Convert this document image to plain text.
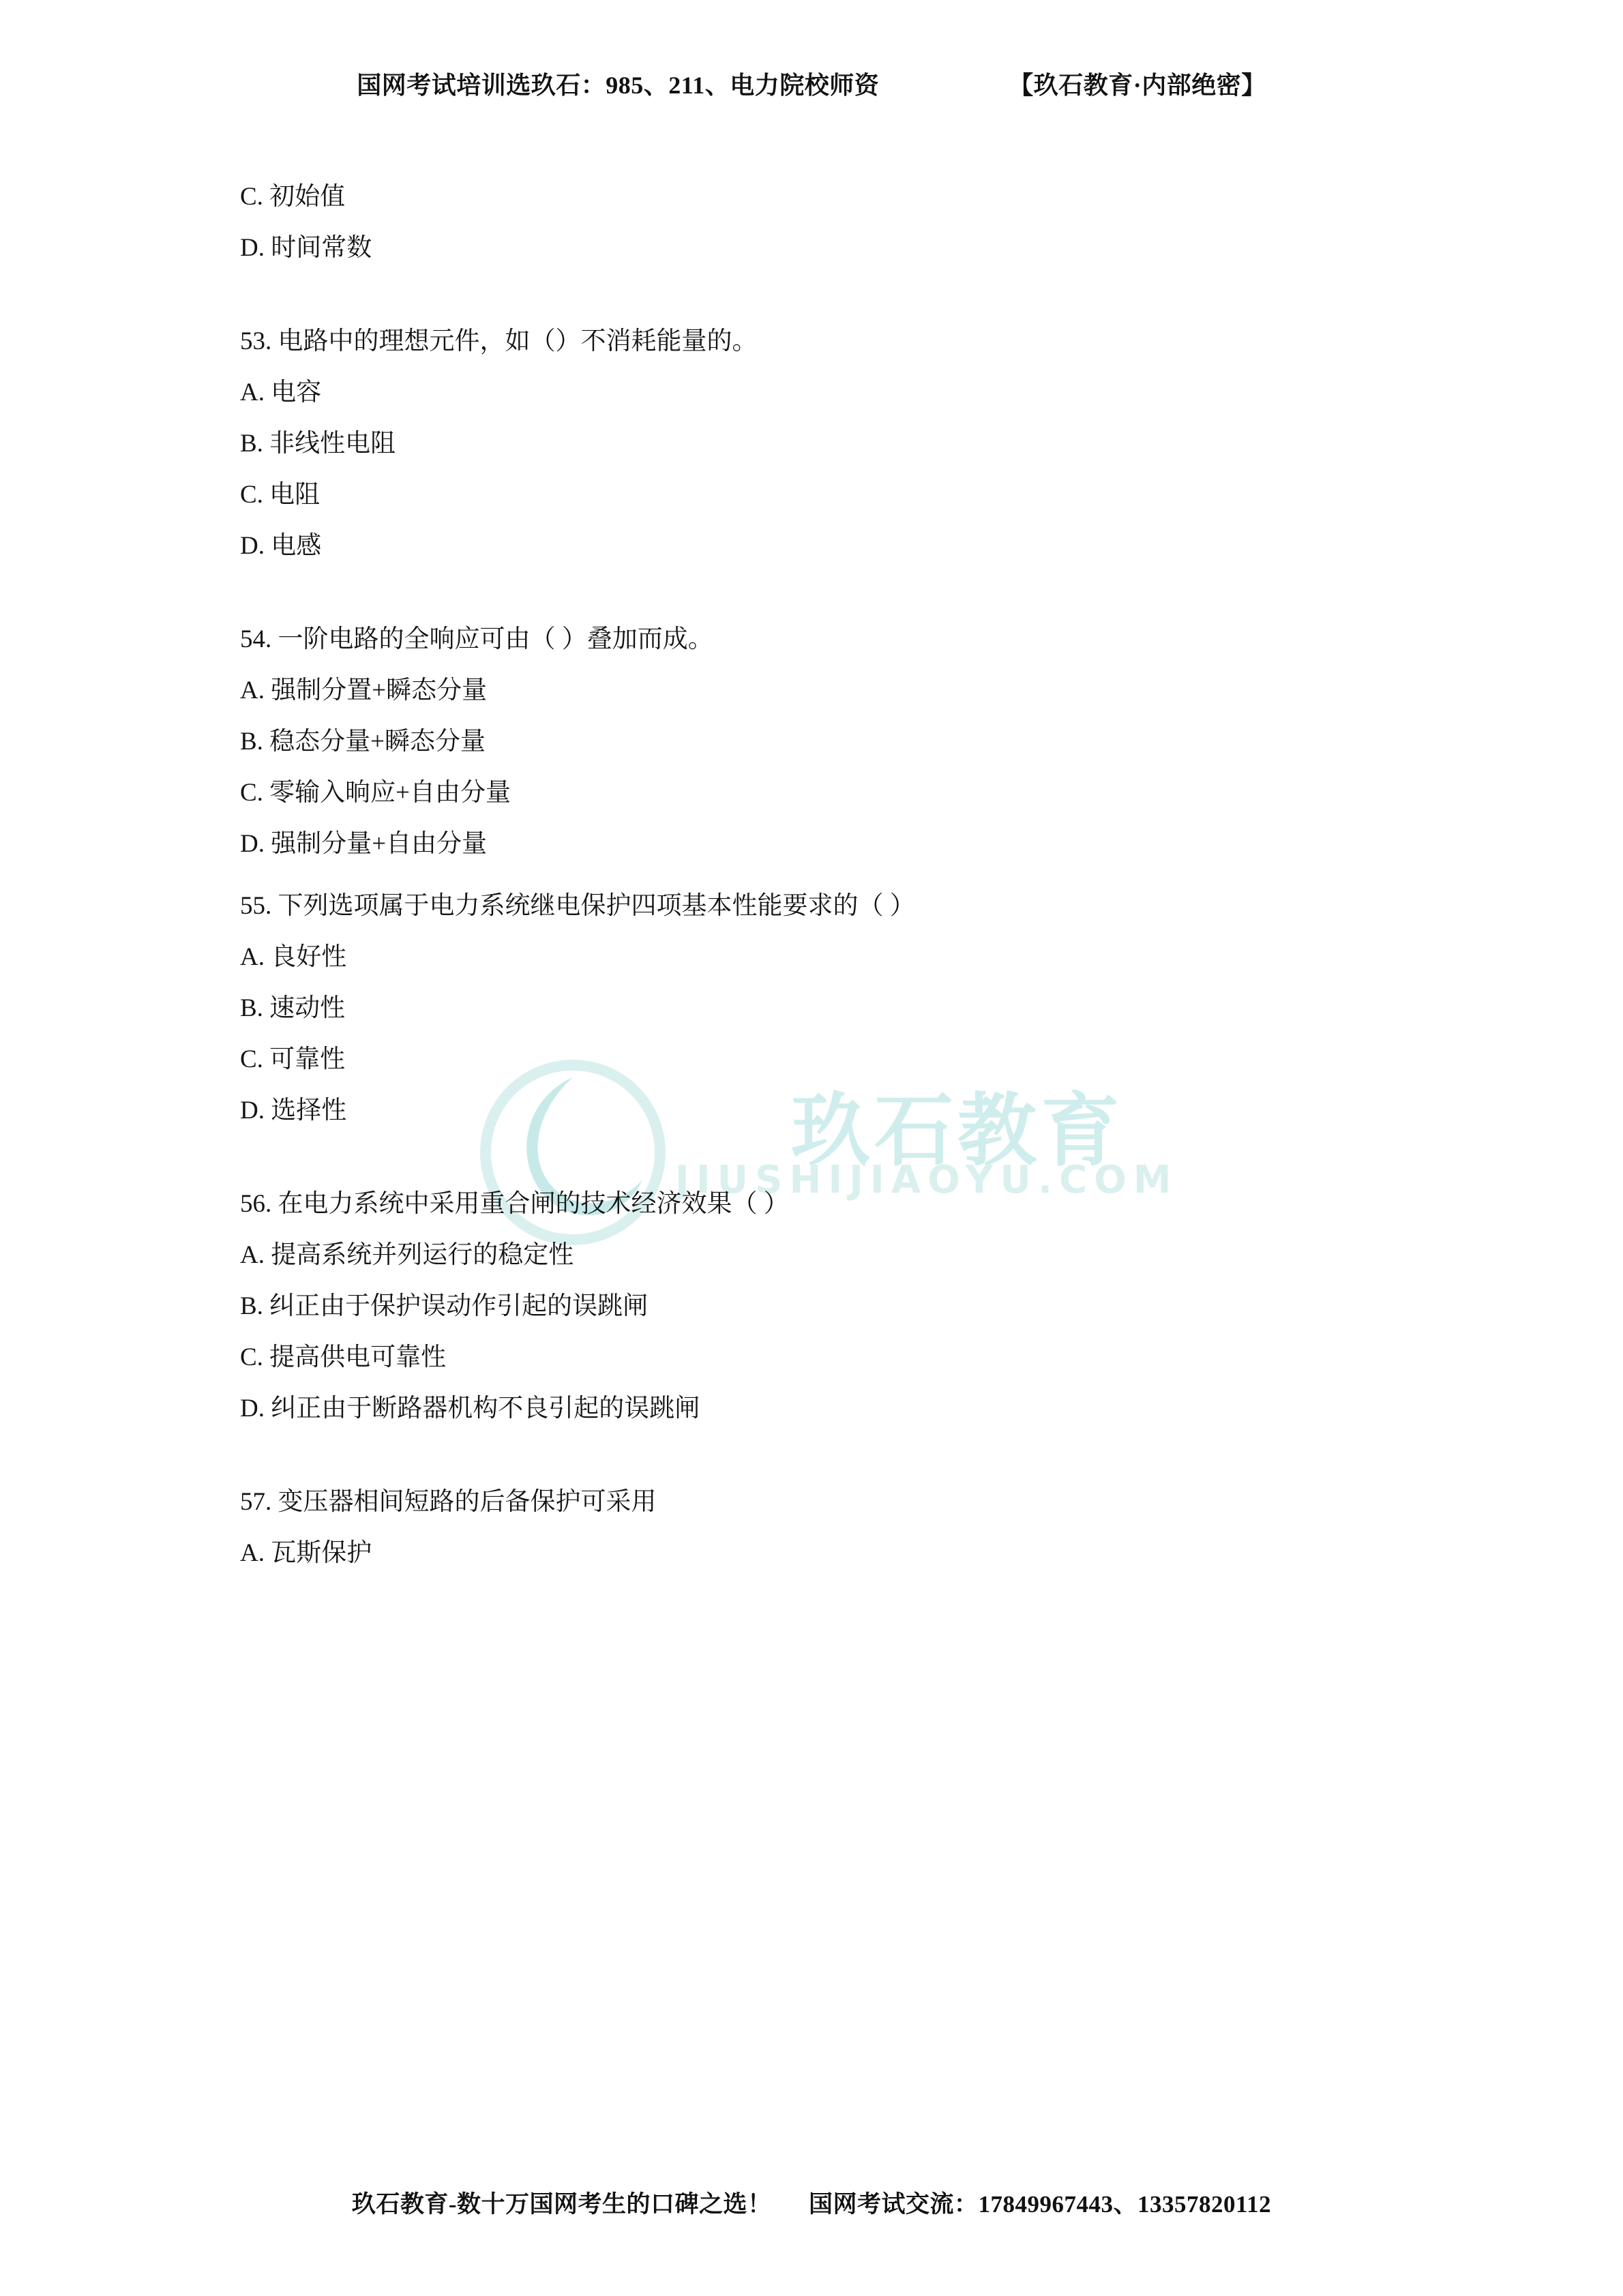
国网考试培训选玖石：985、211、电力院校师资	【玖石教育·内部绝密】
玖石教育
JIUSHIJIAOYU.COM
C. 初始值
D. 时间常数
53. 电路中的理想元件，如（）不消耗能量的。
A. 电容
B. 非线性电阻
C. 电阻
D. 电感
54. 一阶电路的全响应可由（ ）叠加而成。
A. 强制分置+瞬态分量
B. 稳态分量+瞬态分量
C. 零输入晌应+自由分量
D. 强制分量+自由分量
55. 下列选项属于电力系统继电保护四项基本性能要求的（ ）
A. 良好性
B. 速动性
C. 可靠性
D. 选择性
56. 在电力系统中采用重合闸的技术经济效果（ ）
A. 提高系统并列运行的稳定性
B. 纠正由于保护误动作引起的误跳闸
C. 提高供电可靠性
D. 纠正由于断路器机构不良引起的误跳闸
57. 变压器相间短路的后备保护可采用
A. 瓦斯保护
玖石教育-数十万国网考生的口碑之选！ 国网考试交流：17849967443、13357820112
